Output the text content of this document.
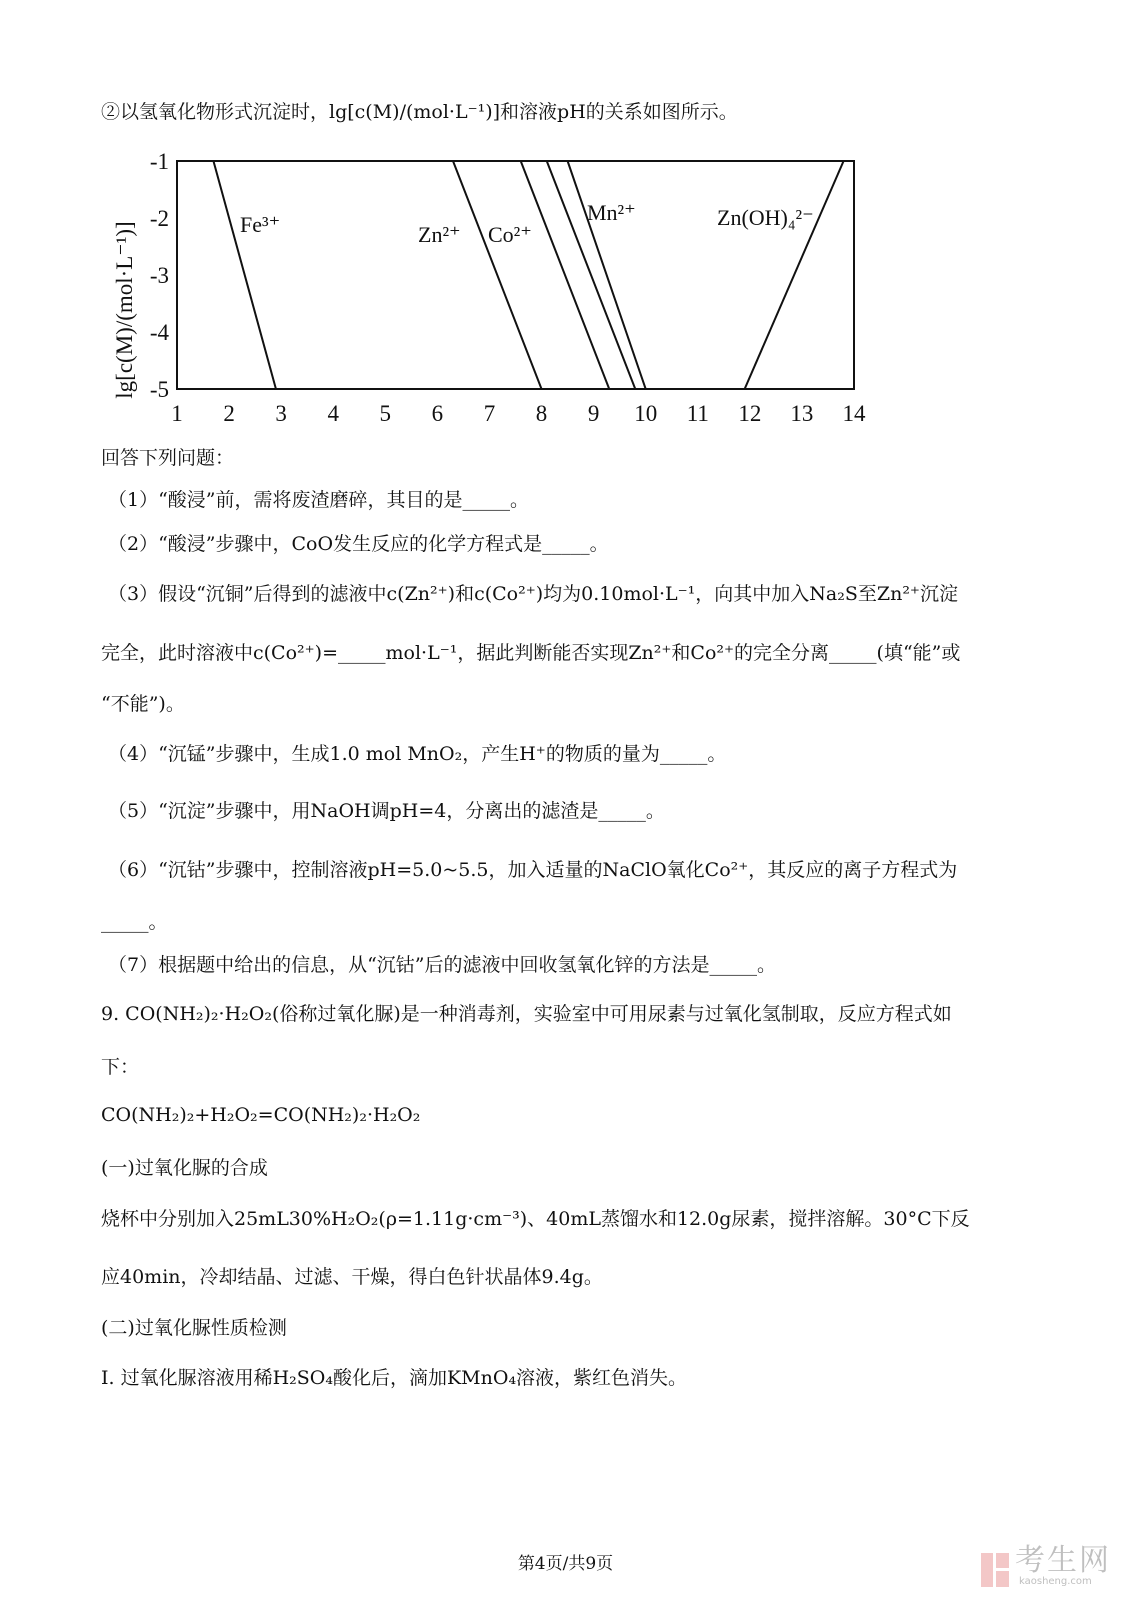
②以氢氧化物形式沉淀时，lg[c(M)/(mol·L⁻¹)]和溶液pH的关系如图所示。
1 2 3 4 5 6 7 8 9 10 11 12 13 14
-1
-2
-3
-4
-5
lg[c(M)/(mol·L⁻¹)]	Fe³⁺	Zn²⁺ Co²⁺
Mn²⁺	Zn(OH)₄²⁻
回答下列问题：
（1）“酸浸”前，需将废渣磨碎，其目的是_____。
（2）“酸浸”步骤中，CoO发生反应的化学方程式是_____。
（3）假设“沉铜”后得到的滤液中c(Zn²⁺)和c(Co²⁺)均为0.10mol·L⁻¹，向其中加入Na₂S至Zn²⁺沉淀
完全，此时溶液中c(Co²⁺)=_____mol·L⁻¹，据此判断能否实现Zn²⁺和Co²⁺的完全分离_____(填“能”或
“不能”)。
（4）“沉锰”步骤中，生成1.0 mol MnO₂，产生H⁺的物质的量为_____。
（5）“沉淀”步骤中，用NaOH调pH=4，分离出的滤渣是_____。
（6）“沉钴”步骤中，控制溶液pH=5.0~5.5，加入适量的NaClO氧化Co²⁺，其反应的离子方程式为
_____。
（7）根据题中给出的信息，从“沉钴”后的滤液中回收氢氧化锌的方法是_____。
9. CO(NH₂)₂·H₂O₂(俗称过氧化脲)是一种消毒剂，实验室中可用尿素与过氧化氢制取，反应方程式如
下：
CO(NH₂)₂+H₂O₂=CO(NH₂)₂·H₂O₂
(一)过氧化脲的合成
烧杯中分别加入25mL30%H₂O₂(ρ=1.11g·cm⁻³)、40mL蒸馏水和12.0g尿素，搅拌溶解。30°C下反
应40min，冷却结晶、过滤、干燥，得白色针状晶体9.4g。
(二)过氧化脲性质检测
I. 过氧化脲溶液用稀H₂SO₄酸化后，滴加KMnO₄溶液，紫红色消失。
第4页/共9页	考生网
kaosheng.com
